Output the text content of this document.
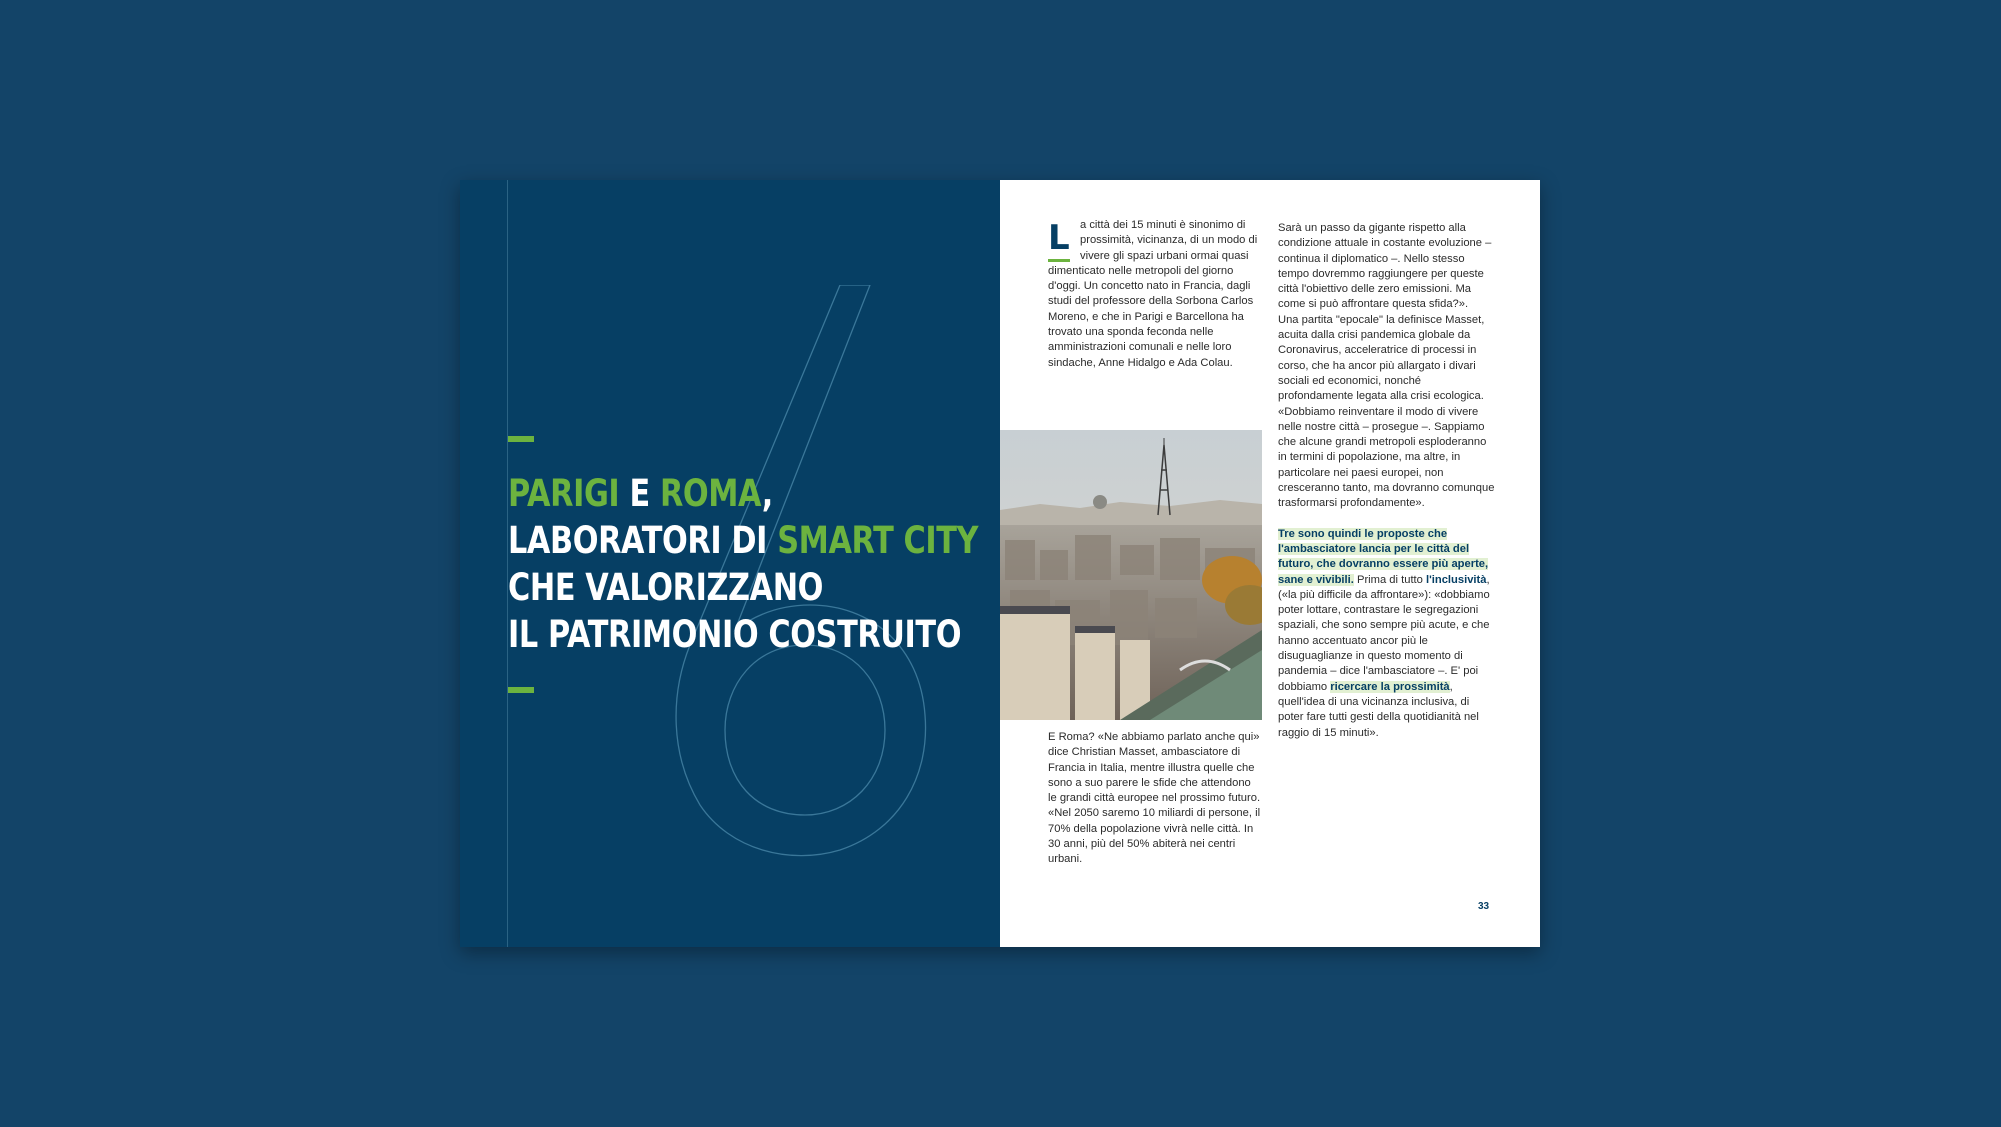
PARIGI E ROMA,
LABORATORI DI SMART CITY
CHE VALORIZZANO
IL PATRIMONIO COSTRUITO
L a città dei 15 minuti è sinonimo di prossimità, vicinanza, di un modo di vivere gli spazi urbani ormai quasi dimenticato nelle metropoli del giorno d'oggi. Un concetto nato in Francia, dagli studi del professore della Sorbona Carlos Moreno, e che in Parigi e Barcellona ha trovato una sponda feconda nelle amministrazioni comunali e nelle loro sindache, Anne Hidalgo e Ada Colau.
E Roma? «Ne abbiamo parlato anche qui» dice Christian Masset, ambasciatore di Francia in Italia, mentre illustra quelle che sono a suo parere le sfide che attendono le grandi città europee nel prossimo futuro. «Nel 2050 saremo 10 miliardi di persone, il 70% della popolazione vivrà nelle città. In 30 anni, più del 50% abiterà nei centri urbani.

Sarà un passo da gigante rispetto alla condizione attuale in costante evoluzione – continua il diplomatico –. Nello stesso tempo dovremmo raggiungere per queste città l'obiettivo delle zero emissioni. Ma come si può affrontare questa sfida?».

Una partita "epocale" la definisce Masset, acuita dalla crisi pandemica globale da Coronavirus, acceleratrice di processi in corso, che ha ancor più allargato i divari sociali ed economici, nonché profondamente legata alla crisi ecologica. «Dobbiamo reinventare il modo di vivere nelle nostre città – prosegue –. Sappiamo che alcune grandi metropoli esploderanno in termini di popolazione, ma altre, in particolare nei paesi europei, non cresceranno tanto, ma dovranno comunque trasformarsi profondamente».

Tre sono quindi le proposte che l'ambasciatore lancia per le città del futuro, che dovranno essere più aperte, sane e vivibili. Prima di tutto l'inclusività, («la più difficile da affrontare»): «dobbiamo poter lottare, contrastare le segregazioni spaziali, che sono sempre più acute, e che hanno accentuato ancor più le disuguaglianze in questo momento di pandemia – dice l'ambasciatore –. E' poi dobbiamo ricercare la prossimità, quell'idea di una vicinanza inclusiva, di poter fare tutti gesti della quotidianità nel raggio di 15 minuti».

33
